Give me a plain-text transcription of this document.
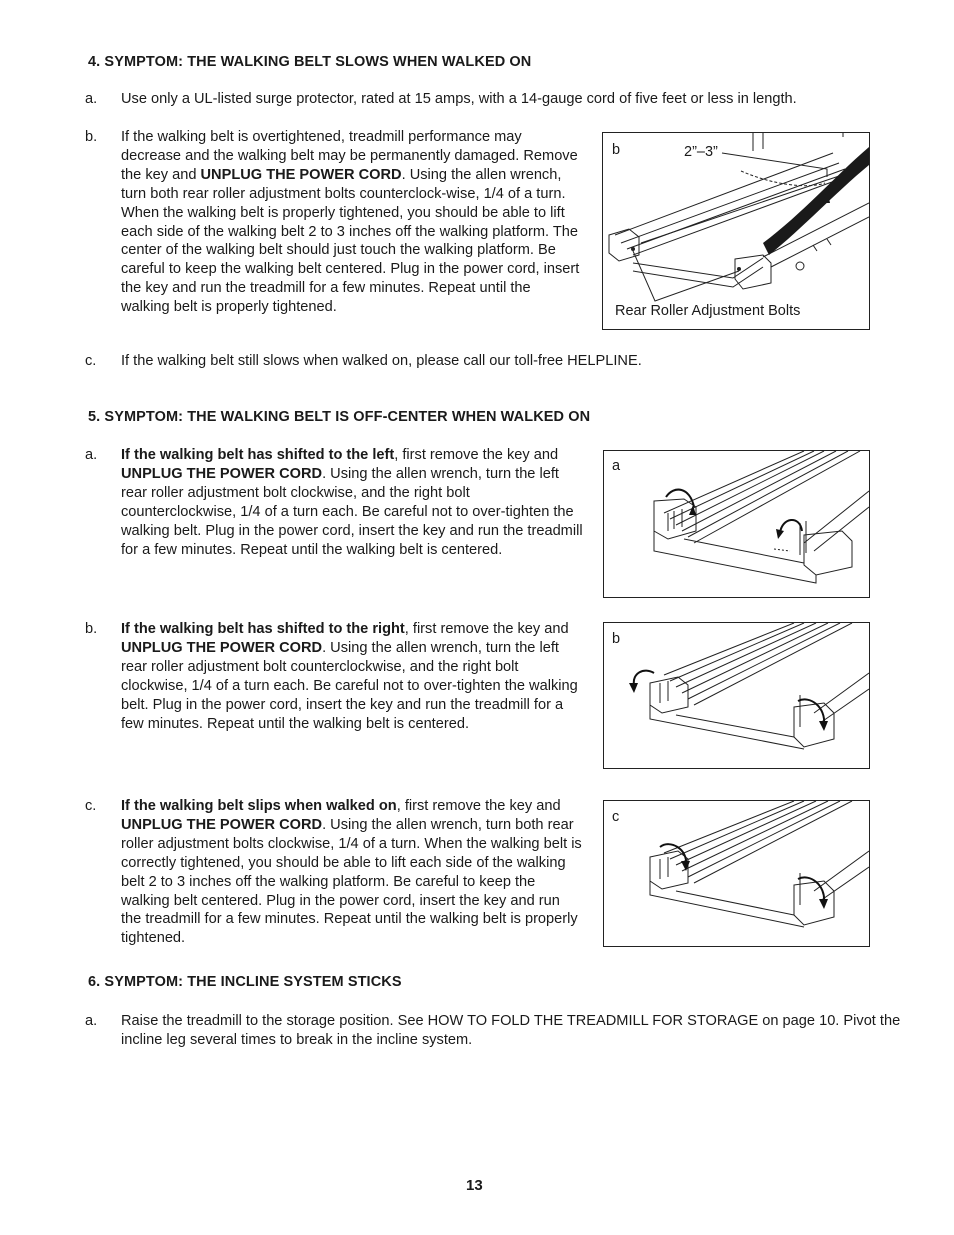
4. SYMPTOM: THE WALKING BELT SLOWS WHEN WALKED ON
a. Use only a UL-listed surge protector, rated at 15 amps, with a 14-gauge cord of five feet or less in length.
b. If the walking belt is overtightened, treadmill performance may decrease and the walking belt may be permanently damaged. Remove the key and UNPLUG THE POWER CORD. Using the allen wrench, turn both rear roller adjustment bolts counterclock-wise, 1/4 of a turn. When the walking belt is properly tightened, you should be able to lift each side of the walking belt 2 to 3 inches off the walking platform. The center of the walking belt should just touch the walking platform. Be careful to keep the walking belt centered. Plug in the power cord, insert the key and run the treadmill for a few minutes. Repeat until the walking belt is properly tightened.
b	2”–3”
Rear Roller Adjustment Bolts
c. If the walking belt still slows when walked on, please call our toll-free HELPLINE.
5. SYMPTOM: THE WALKING BELT IS OFF-CENTER WHEN WALKED ON
a. If the walking belt has shifted to the left, first remove the key and UNPLUG THE POWER CORD. Using the allen wrench, turn the left rear roller adjustment bolt clockwise, and the right bolt counterclockwise, 1/4 of a turn each. Be careful not to over-tighten the walking belt. Plug in the power cord, insert the key and run the treadmill for a few minutes. Repeat until the walking belt is centered.
a
b. If the walking belt has shifted to the right, first remove the key and UNPLUG THE POWER CORD. Using the allen wrench, turn the left rear roller adjustment bolt counterclockwise, and the right bolt clockwise, 1/4 of a turn each. Be careful not to over-tighten the walking belt. Plug in the power cord, insert the key and run the treadmill for a few minutes. Repeat until the walking belt is centered.
b
c. If the walking belt slips when walked on, first remove the key and UNPLUG THE POWER CORD. Using the allen wrench, turn both rear roller adjustment bolts clockwise, 1/4 of a turn. When the walking belt is correctly tightened, you should be able to lift each side of the walking belt 2 to 3 inches off the walking platform. Be careful to keep the walking belt centered. Plug in the power cord, insert the key and run the treadmill for a few minutes. Repeat until the walking belt is properly tightened.
c
6. SYMPTOM: THE INCLINE SYSTEM STICKS
a. Raise the treadmill to the storage position. See HOW TO FOLD THE TREADMILL FOR STORAGE on page 10. Pivot the incline leg several times to break in the incline system.
13
